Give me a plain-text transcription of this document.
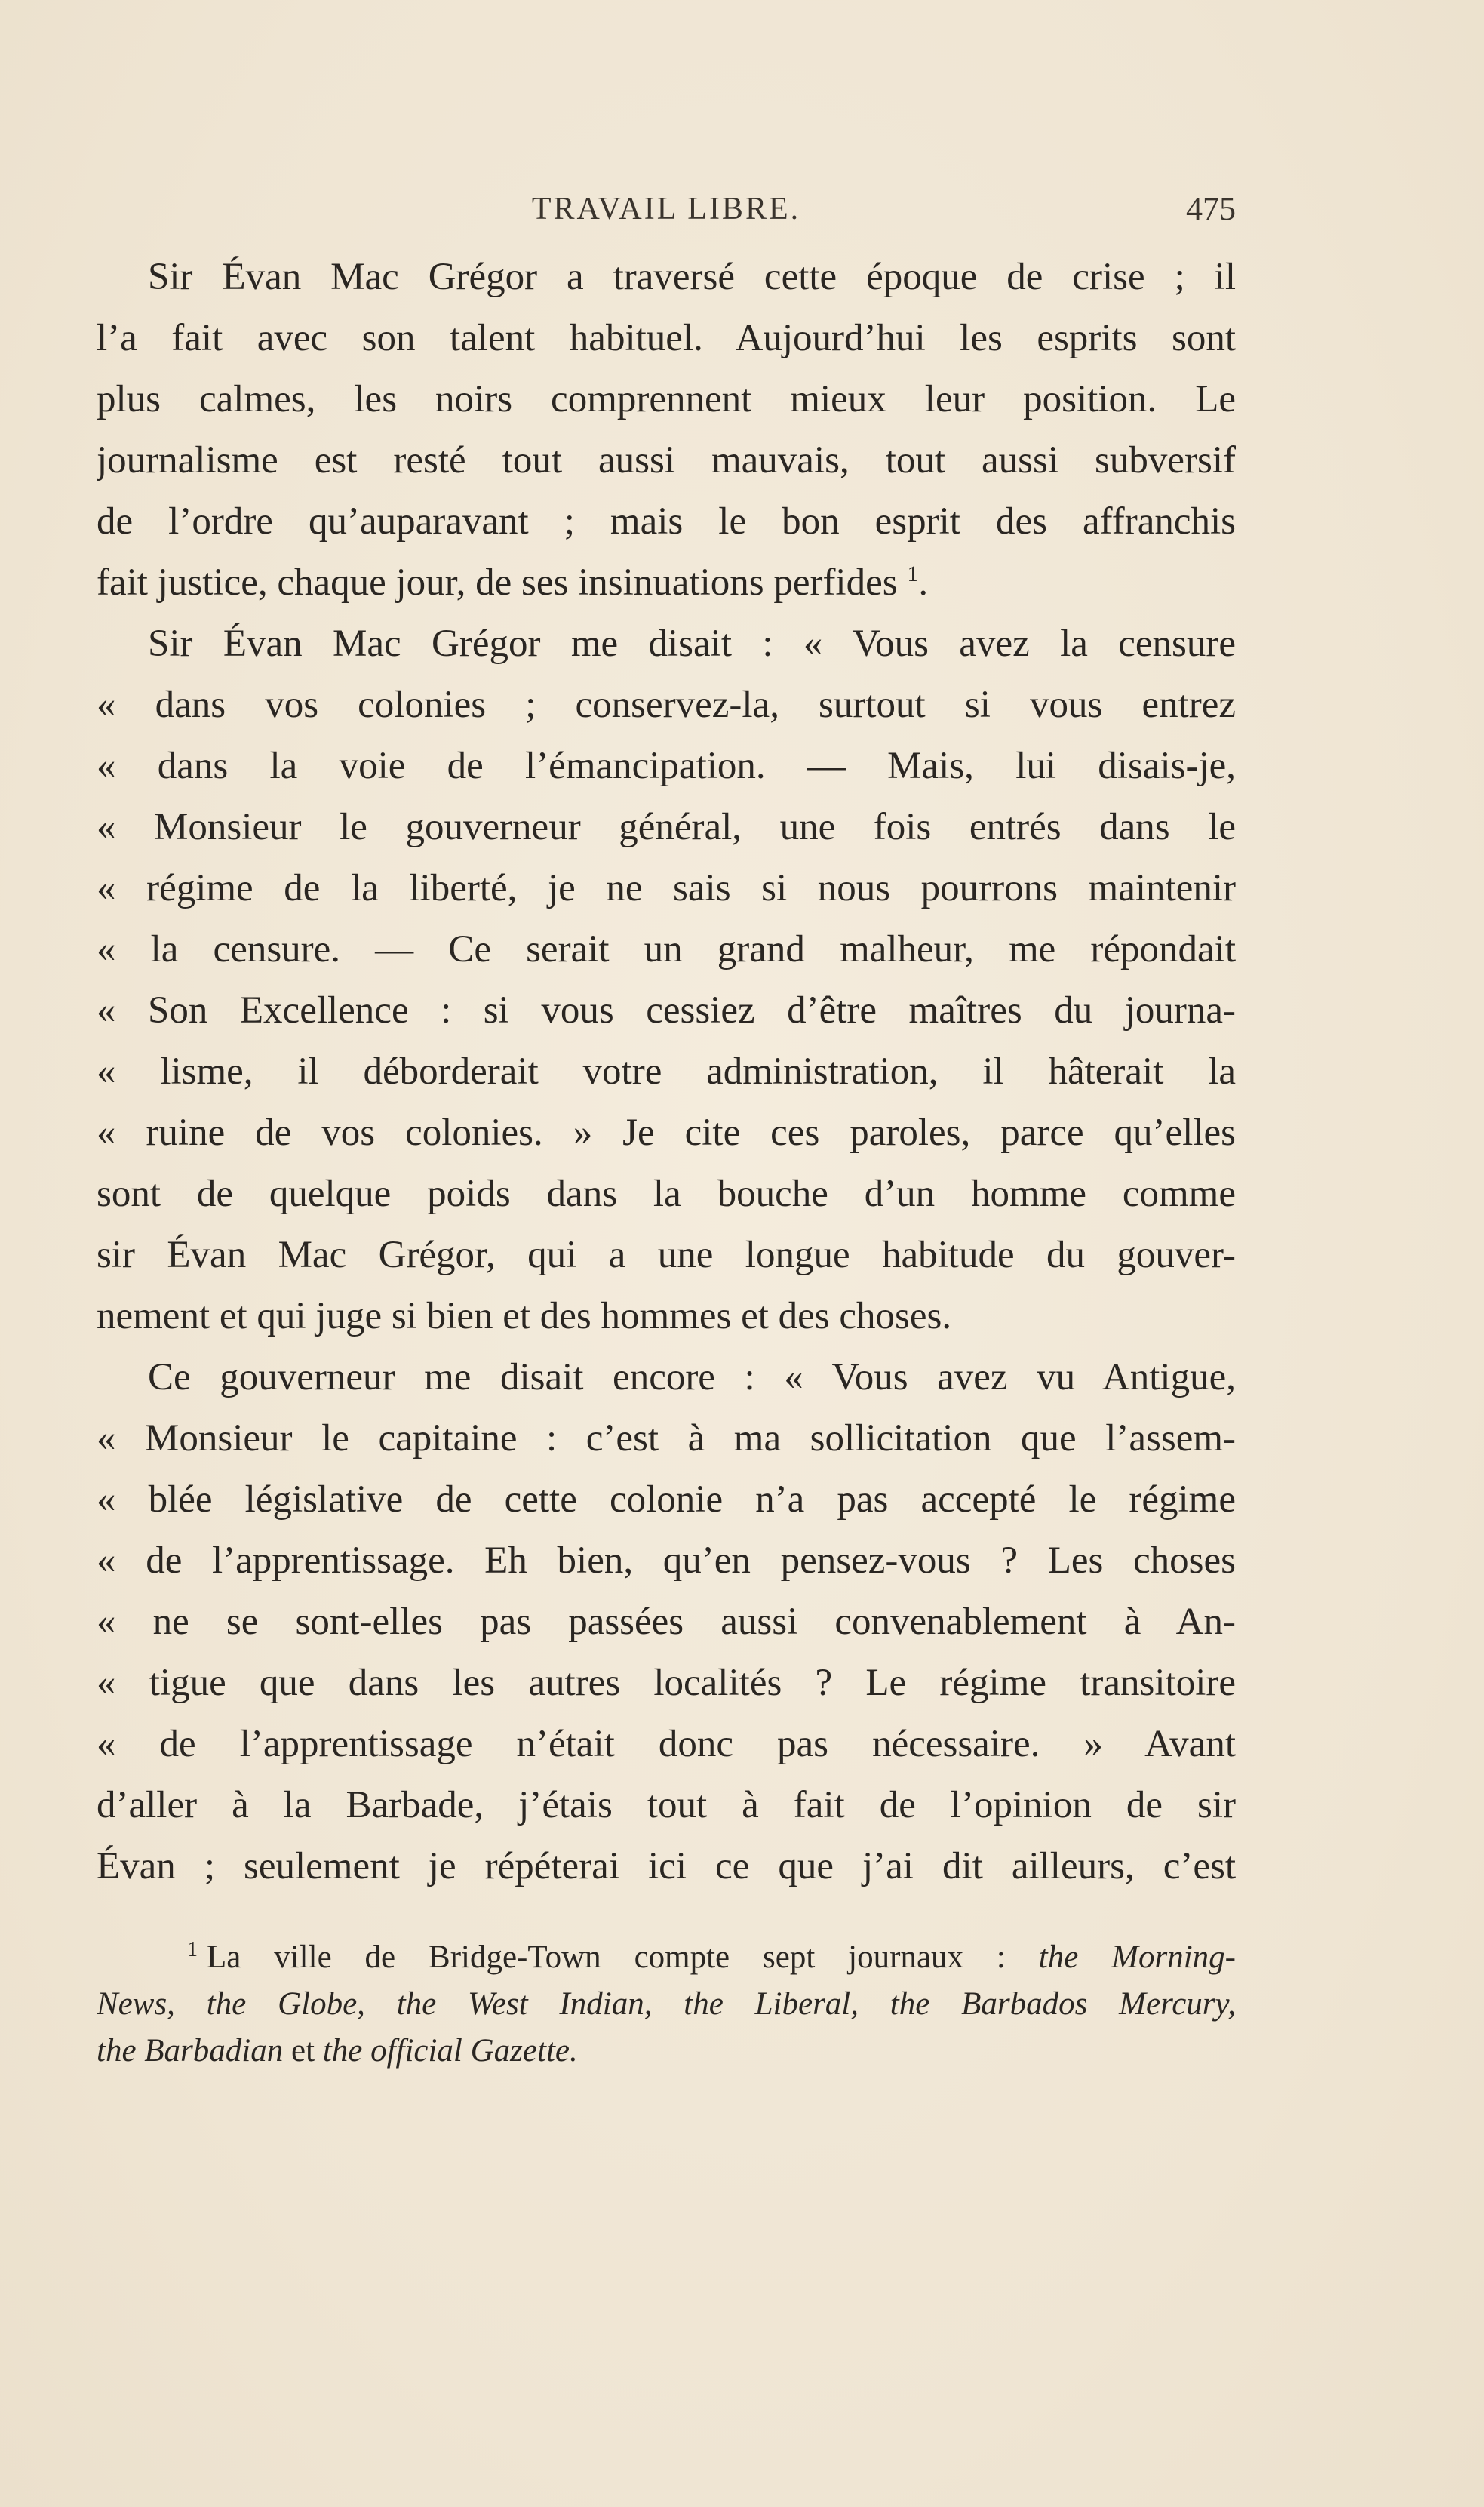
TRAVAIL LIBRE.	475
Sir Évan Mac Grégor a traversé cette époque de crise ; il
l’a fait avec son talent habituel. Aujourd’hui les esprits sont
plus calmes, les noirs comprennent mieux leur position. Le
journalisme est resté tout aussi mauvais, tout aussi subversif
de l’ordre qu’auparavant ; mais le bon esprit des affranchis
fait justice, chaque jour, de ses insinuations perfides $^1$.
Sir Évan Mac Grégor me disait : « Vous avez la censure
« dans vos colonies ; conservez-la, surtout si vous entrez
« dans la voie de l’émancipation. — Mais, lui disais-je,
« Monsieur le gouverneur général, une fois entrés dans le
« régime de la liberté, je ne sais si nous pourrons maintenir
« la censure. — Ce serait un grand malheur, me répondait
« Son Excellence : si vous cessiez d’être maîtres du journa-
« lisme, il déborderait votre administration, il hâterait la
« ruine de vos colonies. » Je cite ces paroles, parce qu’elles
sont de quelque poids dans la bouche d’un homme comme
sir Évan Mac Grégor, qui a une longue habitude du gouver-
nement et qui juge si bien et des hommes et des choses.
Ce gouverneur me disait encore : « Vous avez vu Antigue,
« Monsieur le capitaine : c’est à ma sollicitation que l’assem-
« blée législative de cette colonie n’a pas accepté le régime
« de l’apprentissage. Eh bien, qu’en pensez-vous ? Les choses
« ne se sont-elles pas passées aussi convenablement à An-
« tigue que dans les autres localités ? Le régime transitoire
« de l’apprentissage n’était donc pas nécessaire. » Avant
d’aller à la Barbade, j’étais tout à fait de l’opinion de sir
Évan ; seulement je répéterai ici ce que j’ai dit ailleurs, c’est
$^1$ La ville de Bridge-Town compte sept journaux : the Morning-
News, the Globe, the West Indian, the Liberal, the Barbados Mercury,
the Barbadian et the official Gazette.
